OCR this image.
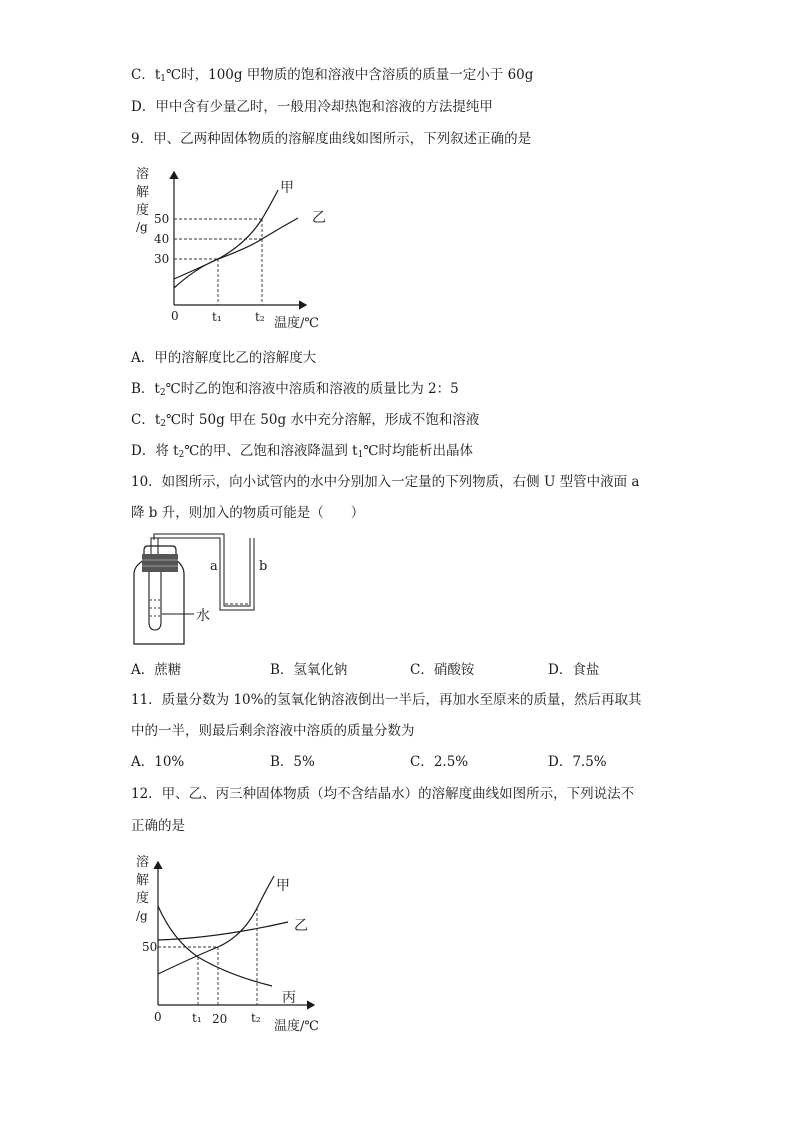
C．$t_1℃$时，100g 甲物质的饱和溶液中含溶质的质量一定小于 60g
D．甲中含有少量乙时，一般用冷却热饱和溶液的方法提纯甲
9．甲、乙两种固体物质的溶解度曲线如图所示，下列叙述正确的是
溶
解
度
/g
50
40
30
0	t₁	t₂ 温度/℃
甲
乙
A．甲的溶解度比乙的溶解度大
B．$t_2℃$时乙的饱和溶液中溶质和溶液的质量比为 2：5
C．$t_2℃$时 50g 甲在 50g 水中充分溶解，形成不饱和溶液
D．将 $t_2℃$的甲、乙饱和溶液降温到 $t_1℃$时均能析出晶体
10．如图所示，向小试管内的水中分别加入一定量的下列物质，右侧 U 型管中液面 a
降 b 升，则加入的物质可能是（　　）
a	b
水
A．蔗糖	B．氢氧化钠	C．硝酸铵	D．食盐
11．质量分数为 10%的氢氧化钠溶液倒出一半后，再加水至原来的质量，然后再取其
中的一半，则最后剩余溶液中溶质的质量分数为
A．10%	B．5%	C．2.5%	D．7.5%
12．甲、乙、丙三种固体物质（均不含结晶水）的溶解度曲线如图所示，下列说法不
正确的是
溶
解
度
/g
50
0	t₁ 20 t₂
温度/℃
甲
乙
丙
